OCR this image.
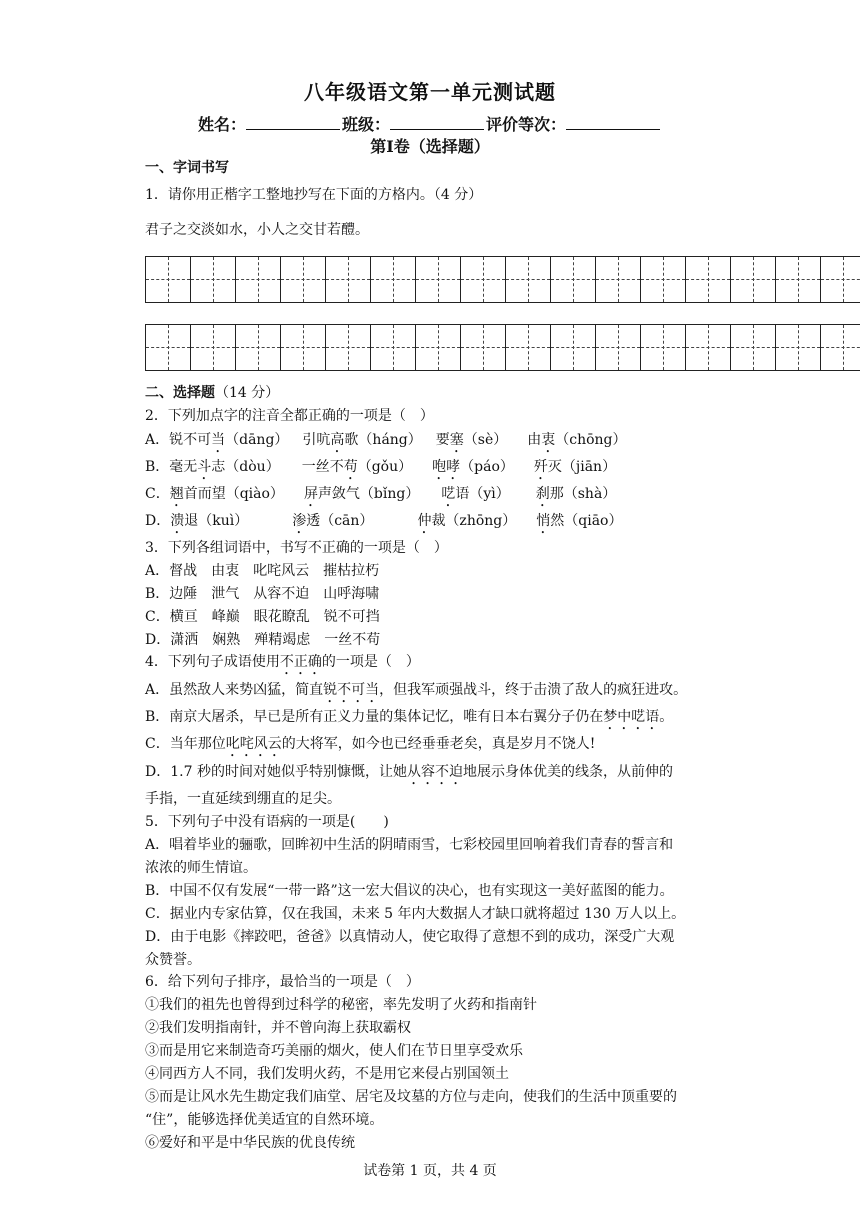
八年级语文第一单元测试题
姓名：	班级：	评价等次：
第Ⅰ卷（选择题）
一、字词书写
1．请你用正楷字工整地抄写在下面的方格内。（4 分）
君子之交淡如水，小人之交甘若醴。
二、选择题（14 分）
2．下列加点字的注音全都正确的一项是（　）
A．锐不可当（dāng） 引吭高歌（háng） 要塞（sè） 由衷（chōng）
B．毫无斗志（dòu） 一丝不苟（gǒu） 咆哮（páo） 歼灭（jiān）
C．翘首而望（qiào） 屏声敛气（bǐng） 呓语（yì） 刹那（shà）
D．溃退（kuì）	渗透（cān）	仲裁（zhōng） 悄然（qiāo）
3．下列各组词语中，书写不正确的一项是（　）
A．督战　由衷　叱咤风云　摧枯拉朽
B．边陲　泄气　从容不迫　山呼海啸
C．横亘　峰巅　眼花瞭乱　锐不可挡
D．潇洒　娴熟　殚精竭虑　一丝不苟
4．下列句子成语使用不正确的一项是（　）
A．虽然敌人来势凶猛，简直锐不可当，但我军顽强战斗，终于击溃了敌人的疯狂进攻。
B．南京大屠杀，早已是所有正义力量的集体记忆，唯有日本右翼分子仍在梦中呓语。
C．当年那位叱咤风云的大将军，如今也已经垂垂老矣，真是岁月不饶人!
D．1.7 秒的时间对她似乎特别慷慨，让她从容不迫地展示身体优美的线条，从前伸的
手指，一直延续到绷直的足尖。
5．下列句子中没有语病的一项是(　　)
A．唱着毕业的骊歌，回眸初中生活的阴晴雨雪，七彩校园里回响着我们青春的誓言和
浓浓的师生情谊。
B．中国不仅有发展“一带一路”这一宏大倡议的决心，也有实现这一美好蓝图的能力。
C．据业内专家估算，仅在我国，未来 5 年内大数据人才缺口就将超过 130 万人以上。
D．由于电影《摔跤吧，爸爸》以真情动人，使它取得了意想不到的成功，深受广大观
众赞誉。
6．给下列句子排序，最恰当的一项是（　）
①我们的祖先也曾得到过科学的秘密，率先发明了火药和指南针
②我们发明指南针，并不曾向海上获取霸权
③而是用它来制造奇巧美丽的烟火，使人们在节日里享受欢乐
④同西方人不同，我们发明火药，不是用它来侵占别国领土
⑤而是让风水先生勘定我们庙堂、居宅及坟墓的方位与走向，使我们的生活中顶重要的
“住”，能够选择优美适宜的自然环境。
⑥爱好和平是中华民族的优良传统
试卷第 1 页，共 4 页
